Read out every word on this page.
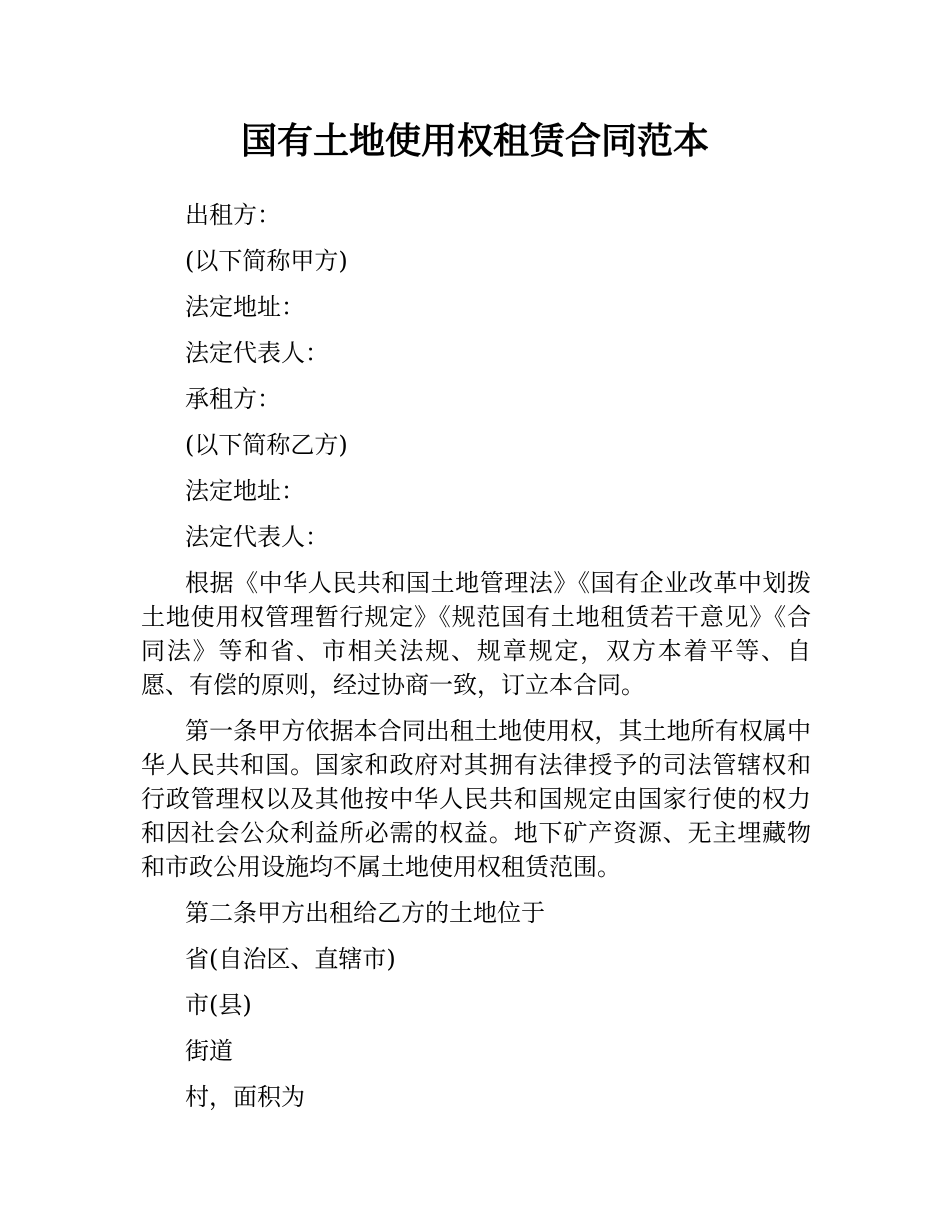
国有土地使用权租赁合同范本

出租方：

(以下简称甲方)

法定地址：

法定代表人：

承租方：

(以下简称乙方)

法定地址：

法定代表人：

根据《中华人民共和国土地管理法》《国有企业改革中划拨土地使用权管理暂行规定》《规范国有土地租赁若干意见》《合同法》等和省、市相关法规、规章规定，双方本着平等、自愿、有偿的原则，经过协商一致，订立本合同。

第一条甲方依据本合同出租土地使用权，其土地所有权属中华人民共和国。国家和政府对其拥有法律授予的司法管辖权和行政管理权以及其他按中华人民共和国规定由国家行使的权力和因社会公众利益所必需的权益。地下矿产资源、无主埋藏物和市政公用设施均不属土地使用权租赁范围。

第二条甲方出租给乙方的土地位于

省(自治区、直辖市)

市(县)

街道

村，面积为
